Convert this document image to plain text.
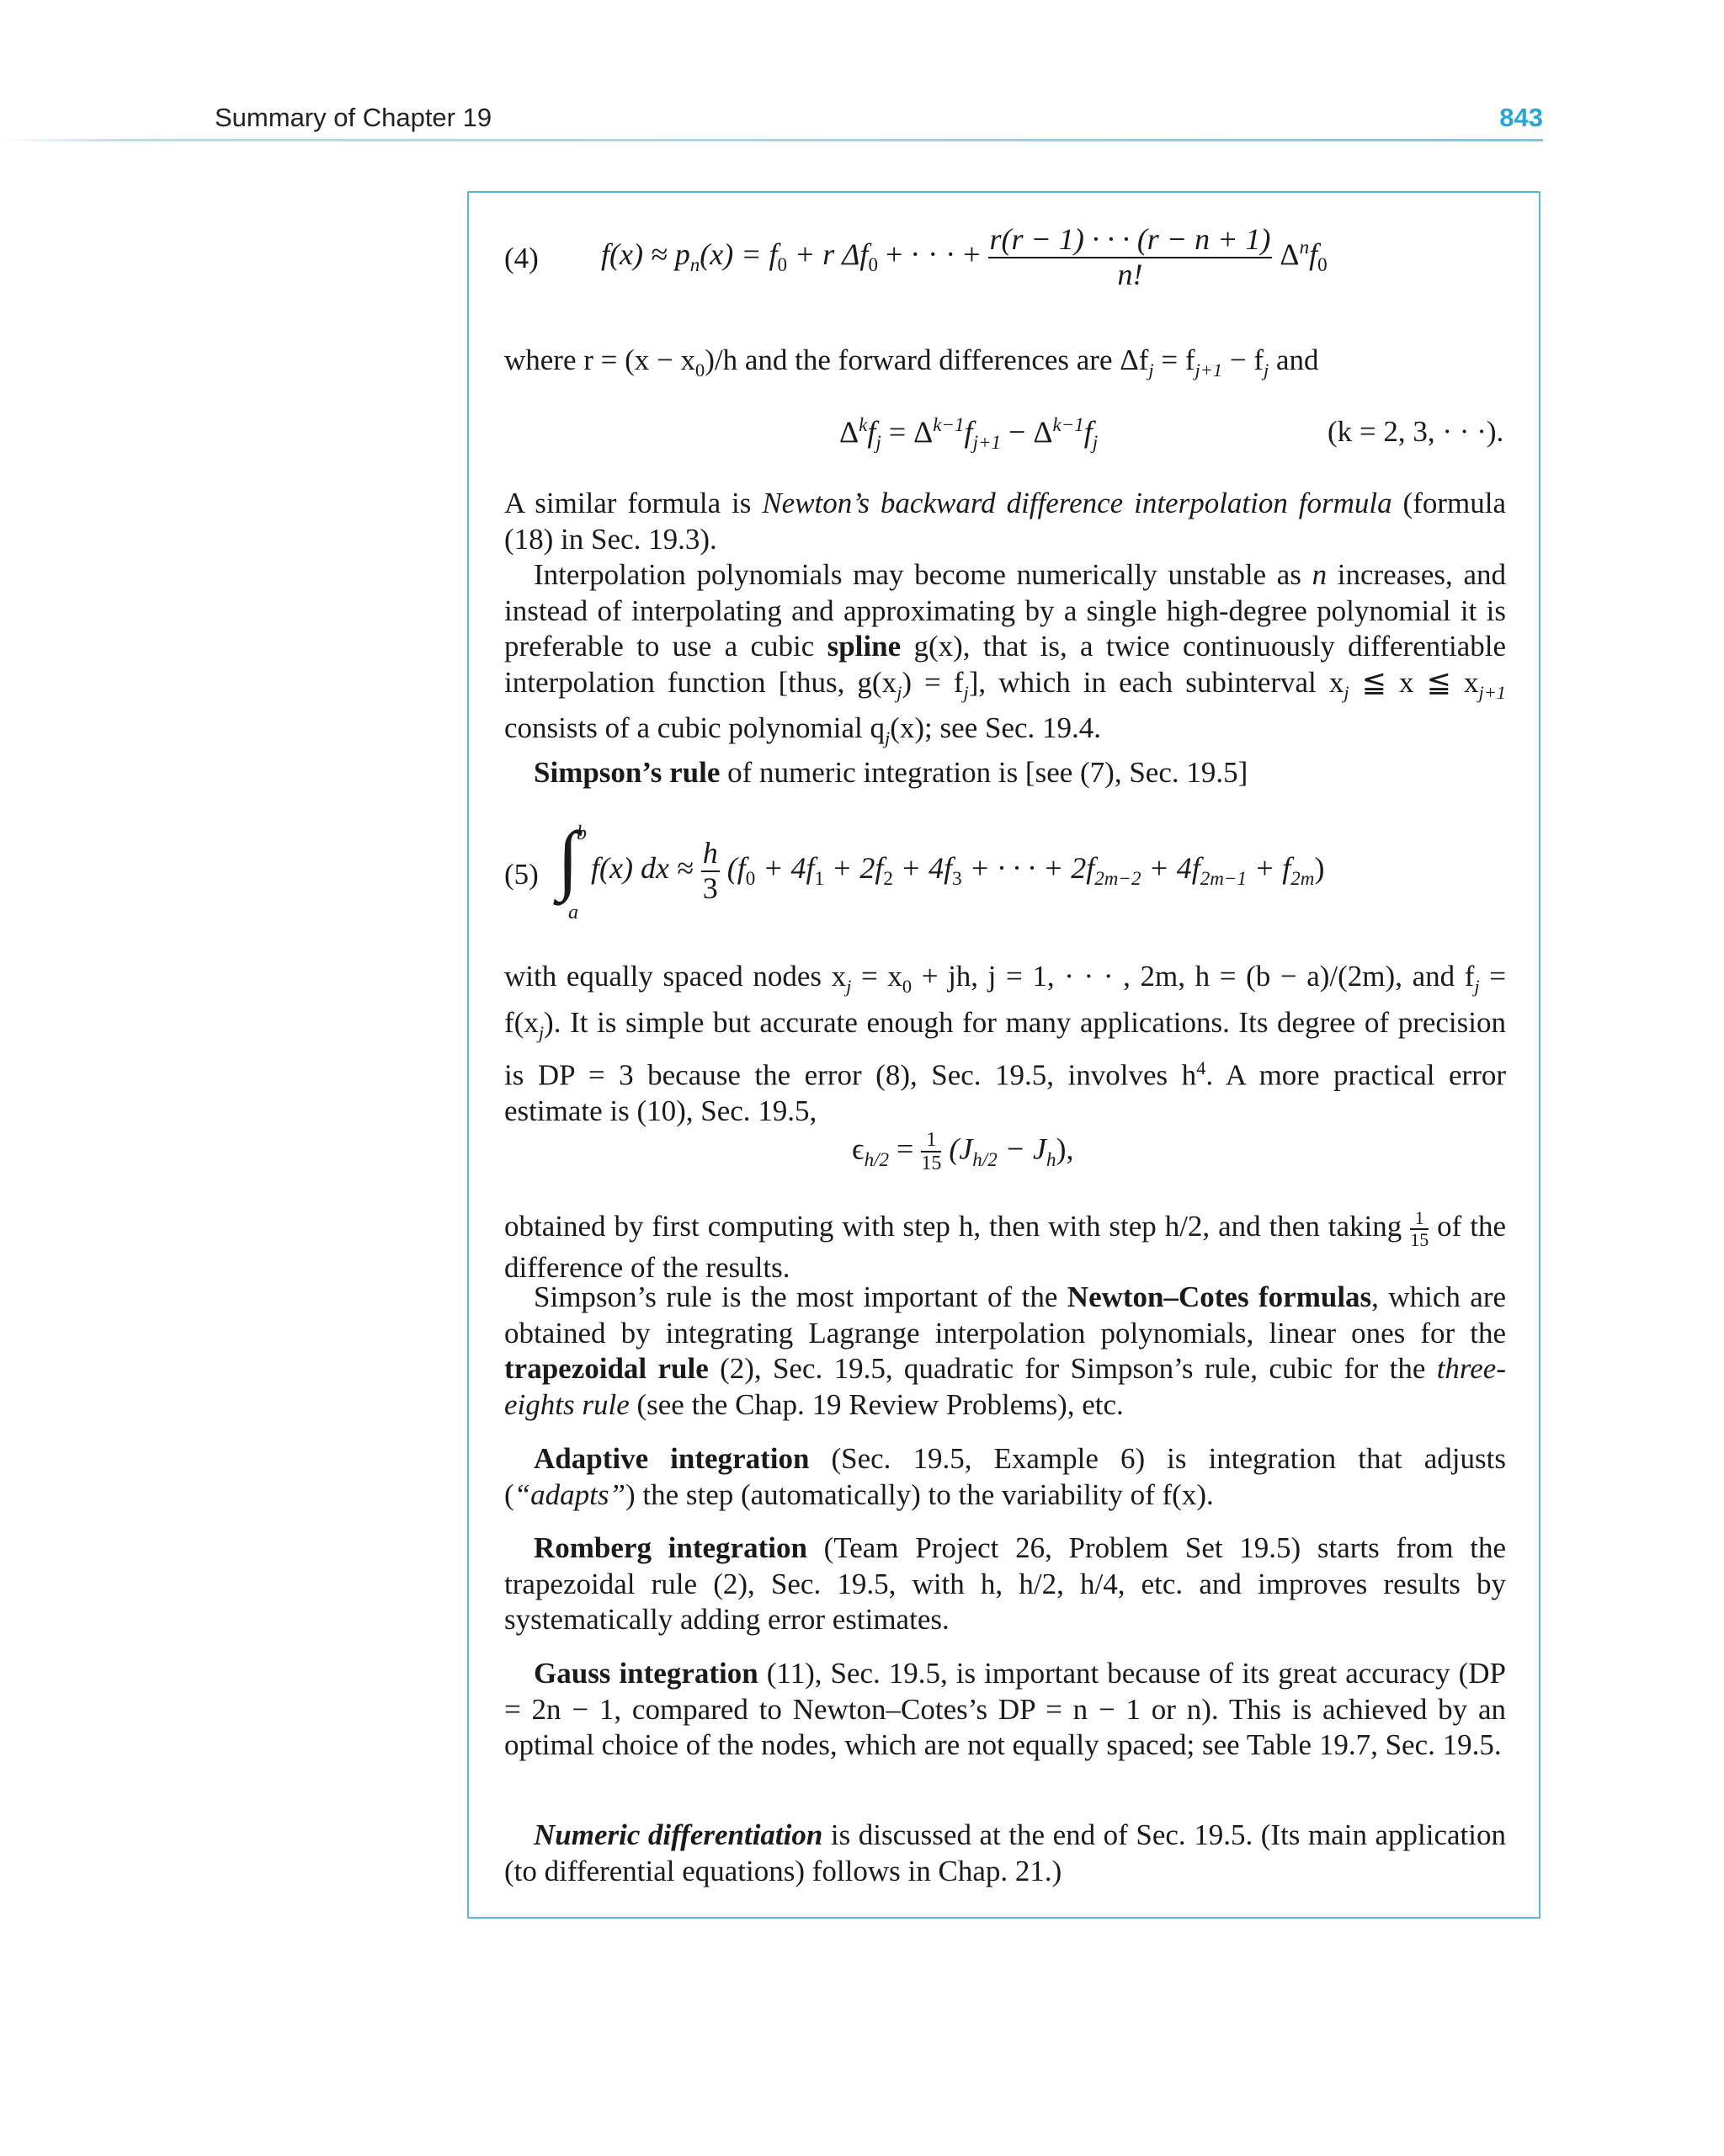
Summary of Chapter 19	843
(4) $f(x) \approx p_n(x) = f_0 + r$ $\Delta f_0$ + · · · + $\frac{r(r - 1) \cdot \cdot \cdot (r - n + 1)}{n!} \Delta^nf_0$
where $r = (x - x_0)/h$ and the forward differences are $\Delta f_j = f_{j+1} - f_j$ and
$\Delta^kf_j = \Delta^{k-1}f_{j+1} - \Delta^{k-1}f_j$	(k = 2, 3, · · ·).
A similar formula is Newton’s backward difference interpolation formula (formula (18) in Sec. 19.3).
Interpolation polynomials may become numerically unstable as n increases, and instead of interpolating and approximating by a single high-degree polynomial it is preferable to use a cubic spline g(x), that is, a twice continuously differentiable interpolation function [thus, $g(x_j) = f_j$], which in each subinterval $x_j$ ≦ x ≦ $x_{j+1}$ consists of a cubic polynomial $q_j(x)$; see Sec. 19.4.
Simpson’s rule of numeric integration is [see (7), Sec. 19.5]
(5) ∫
b
a
f(x) dx ≈ $\frac{h}{3} (f_0 + 4f_1 + 2f_2 + 4f_3$ + · · · + $2f_{2m-2} + 4f_{2m-1} + f_{2m}$)
with equally spaced nodes $x_j = x_0$ + jh, j = 1, · · · , 2m, h = (b − a)/(2m), and $f_j = f(x_j)$. It is simple but accurate enough for many applications. Its degree of precision is DP = 3 because the error (8), Sec. 19.5, involves $h^4$. A more practical error estimate is (10), Sec. 19.5,
$\epsilon_{h/2} = \frac{1}{15} (J_{h/2} - J_h)$,
obtained by first computing with step h, then with step h/2, and then taking $\frac{1}{15}$ of the difference of the results.
Simpson’s rule is the most important of the Newton–Cotes formulas, which are obtained by integrating Lagrange interpolation polynomials, linear ones for the trapezoidal rule (2), Sec. 19.5, quadratic for Simpson’s rule, cubic for the three-eights rule (see the Chap. 19 Review Problems), etc.
Adaptive integration (Sec. 19.5, Example 6) is integration that adjusts (“adapts”) the step (automatically) to the variability of f(x).
Romberg integration (Team Project 26, Problem Set 19.5) starts from the trapezoidal rule (2), Sec. 19.5, with h, h/2, h/4, etc. and improves results by systematically adding error estimates.
Gauss integration (11), Sec. 19.5, is important because of its great accuracy (DP = 2n − 1, compared to Newton–Cotes’s DP = n − 1 or n). This is achieved by an optimal choice of the nodes, which are not equally spaced; see Table 19.7, Sec. 19.5.
Numeric differentiation is discussed at the end of Sec. 19.5. (Its main application (to differential equations) follows in Chap. 21.)
